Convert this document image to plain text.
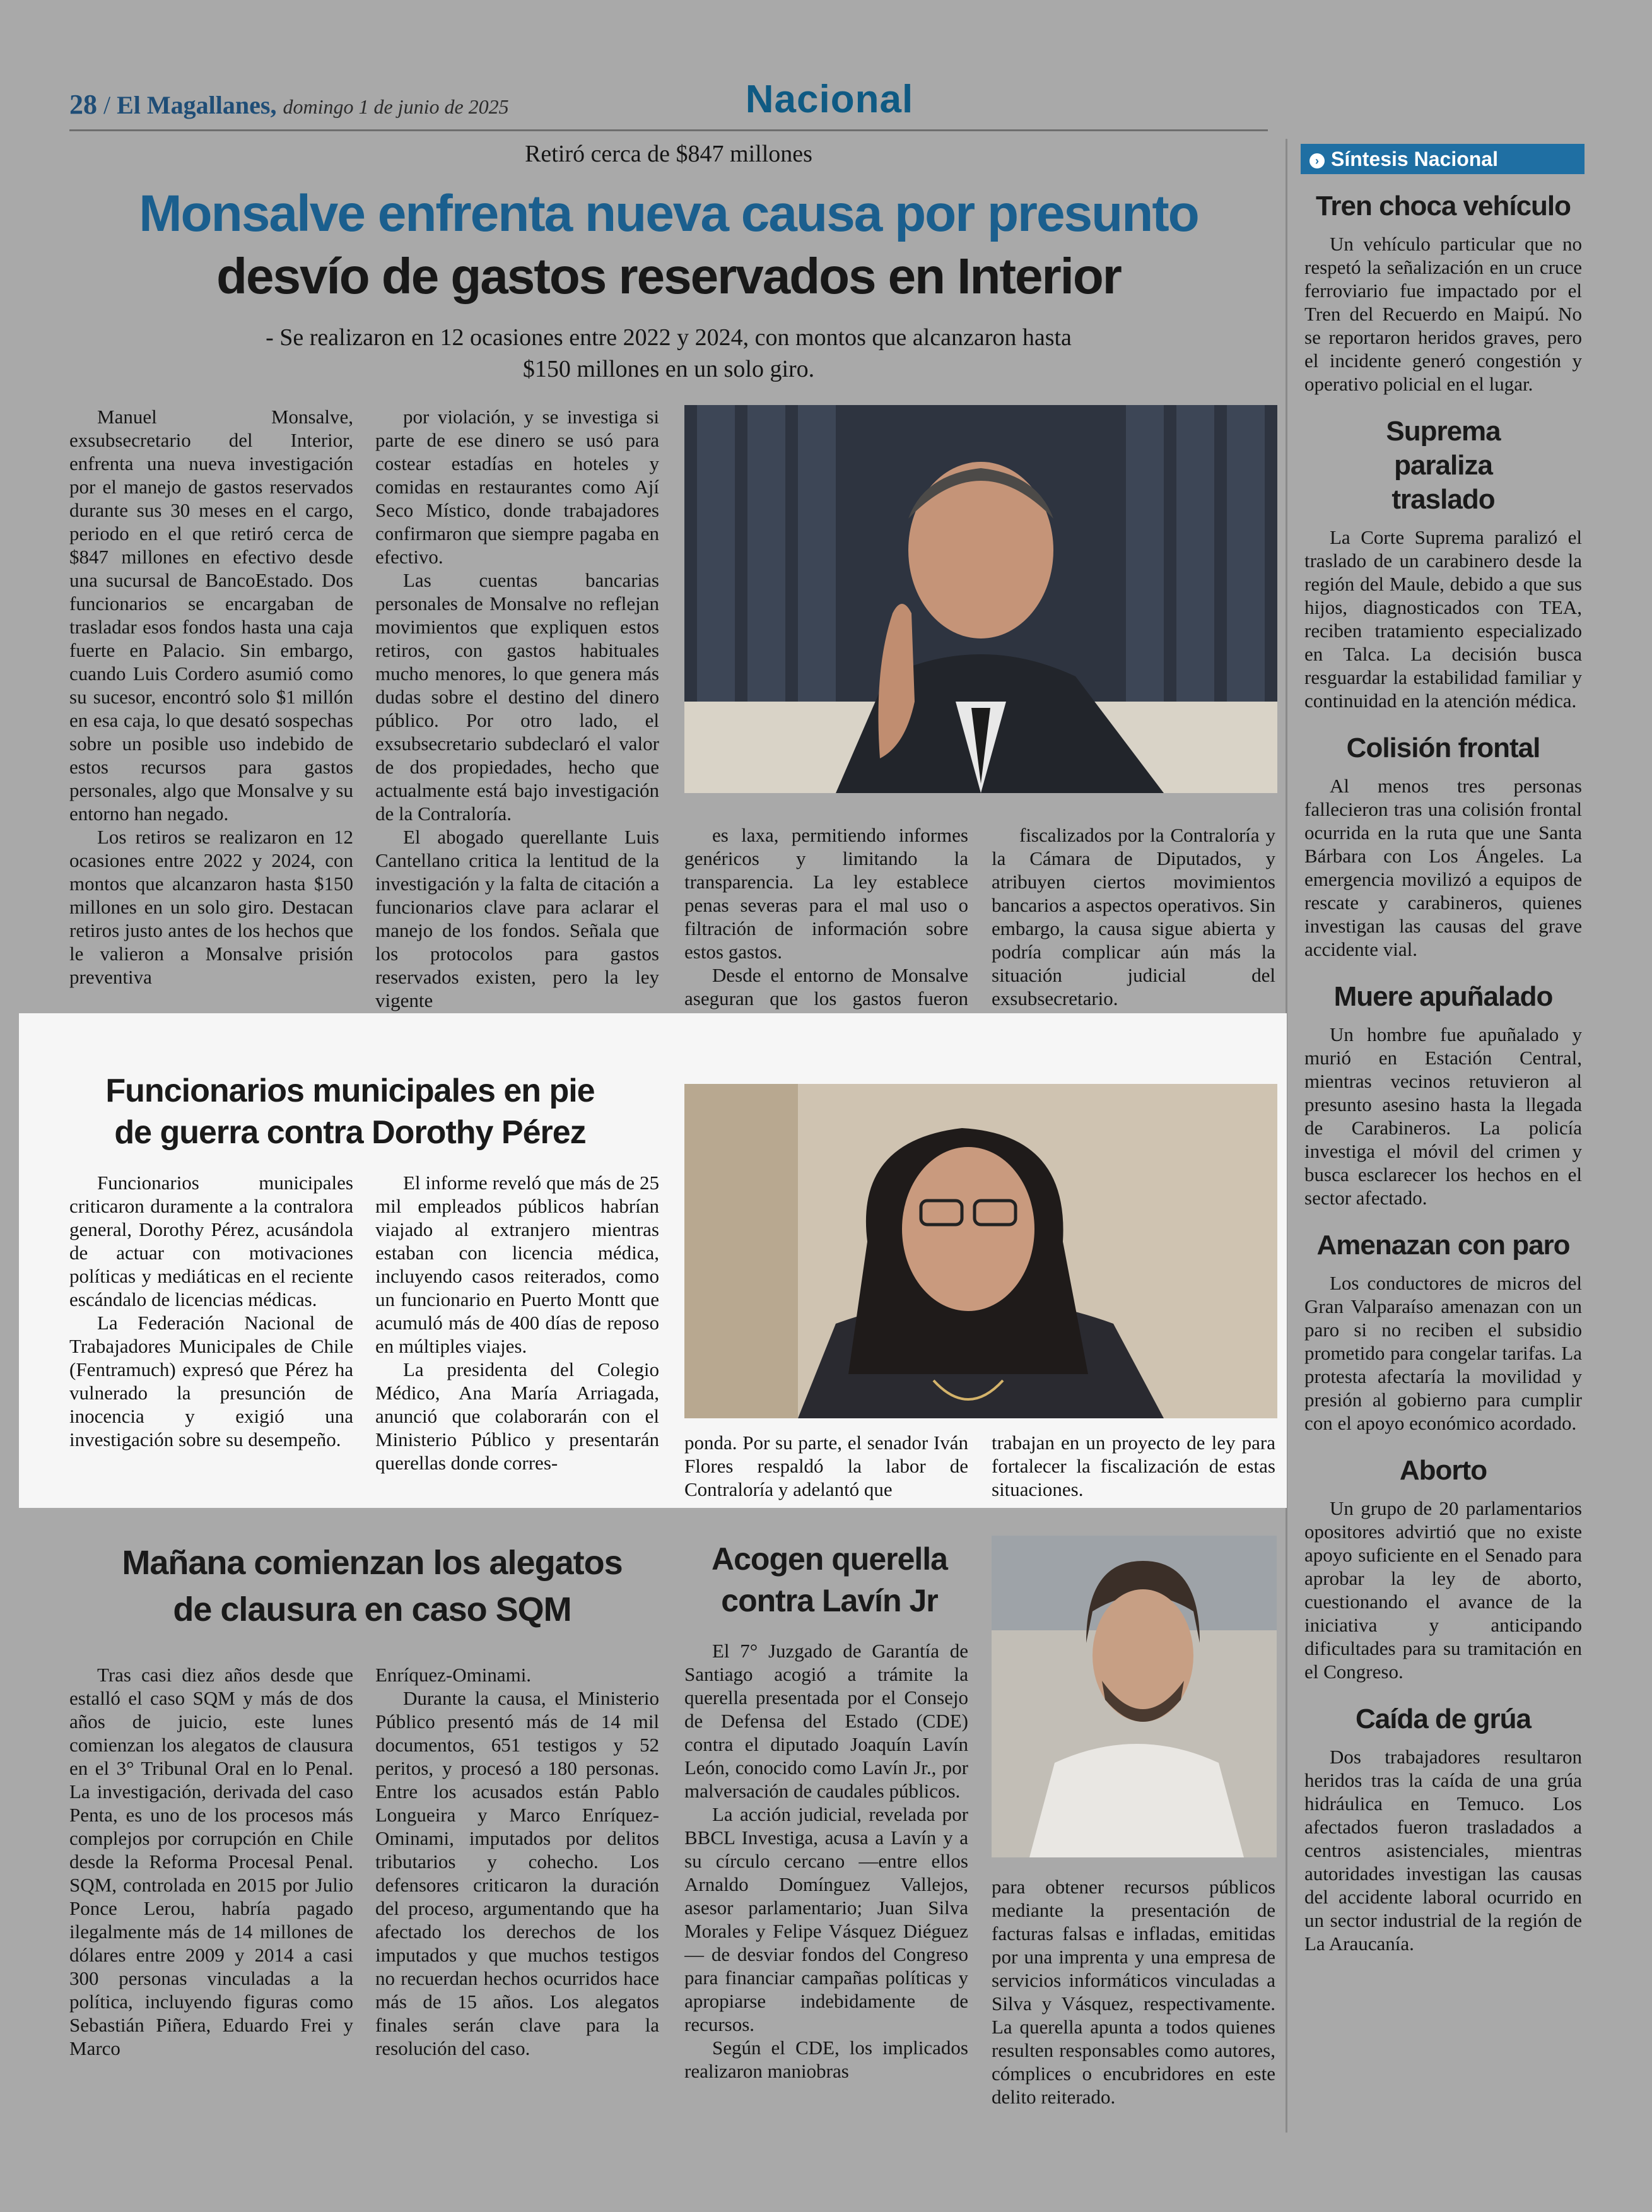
28 / El Magallanes, domingo 1 de junio de 2025	Nacional
Retiró cerca de $847 millones
Monsalve enfrenta nueva causa por presunto
desvío de gastos reservados en Interior
- Se realizaron en 12 ocasiones entre 2022 y 2024, con montos que alcanzaron hasta $150 millones en un solo giro.

Manuel Monsalve, exsubsecretario del Interior, enfrenta una nueva investigación por el manejo de gastos reservados durante sus 30 meses en el cargo, periodo en el que retiró cerca de $847 millones en efectivo desde una sucursal de BancoEstado. Dos funcionarios se encargaban de trasladar esos fondos hasta una caja fuerte en Palacio. Sin embargo, cuando Luis Cordero asumió como su sucesor, encontró solo $1 millón en esa caja, lo que desató sospechas sobre un posible uso indebido de estos recursos para gastos personales, algo que Monsalve y su entorno han negado.

Los retiros se realizaron en 12 ocasiones entre 2022 y 2024, con montos que alcanzaron hasta $150 millones en un solo giro. Destacan retiros justo antes de los hechos que le valieron a Monsalve prisión preventiva

por violación, y se investiga si parte de ese dinero se usó para costear estadías en hoteles y comidas en restaurantes como Ají Seco Místico, donde trabajadores confirmaron que siempre pagaba en efectivo.

Las cuentas bancarias personales de Monsalve no reflejan movimientos que expliquen estos retiros, con gastos habituales mucho menores, lo que genera más dudas sobre el destino del dinero público. Por otro lado, el exsubsecretario subdeclaró el valor de dos propiedades, hecho que actualmente está bajo investigación de la Contraloría.

El abogado querellante Luis Cantellano critica la lentitud de la investigación y la falta de citación a funcionarios clave para aclarar el manejo de los fondos. Señala que los protocolos para gastos reservados existen, pero la ley vigente

es laxa, permitiendo informes genéricos y limitando la transparencia. La ley establece penas severas para el mal uso o filtración de información sobre estos gastos.

Desde el entorno de Monsalve aseguran que los gastos fueron

fiscalizados por la Contraloría y la Cámara de Diputados, y atribuyen ciertos movimientos bancarios a aspectos operativos. Sin embargo, la causa sigue abierta y podría complicar aún más la situación judicial del exsubsecretario.

Funcionarios municipales en pie
de guerra contra Dorothy Pérez

Funcionarios municipales criticaron duramente a la contralora general, Dorothy Pérez, acusándola de actuar con motivaciones políticas y mediáticas en el reciente escándalo de licencias médicas.

La Federación Nacional de Trabajadores Municipales de Chile (Fentramuch) expresó que Pérez ha vulnerado la presunción de inocencia y exigió una investigación sobre su desempeño.

El informe reveló que más de 25 mil empleados públicos habrían viajado al extranjero mientras estaban con licencia médica, incluyendo casos reiterados, como un funcionario en Puerto Montt que acumuló más de 400 días de reposo en múltiples viajes.

La presidenta del Colegio Médico, Ana María Arriagada, anunció que colaborarán con el Ministerio Público y presentarán querellas donde corres-

ponda. Por su parte, el senador Iván Flores respaldó la labor de Contraloría y adelantó que

trabajan en un proyecto de ley para fortalecer la fiscalización de estas situaciones.

Mañana comienzan los alegatos
de clausura en caso SQM

Tras casi diez años desde que estalló el caso SQM y más de dos años de juicio, este lunes comienzan los alegatos de clausura en el 3° Tribunal Oral en lo Penal. La investigación, derivada del caso Penta, es uno de los procesos más complejos por corrupción en Chile desde la Reforma Procesal Penal. SQM, controlada en 2015 por Julio Ponce Lerou, habría pagado ilegalmente más de 14 millones de dólares entre 2009 y 2014 a casi 300 personas vinculadas a la política, incluyendo figuras como Sebastián Piñera, Eduardo Frei y Marco

Enríquez-Ominami.

Durante la causa, el Ministerio Público presentó más de 14 mil documentos, 651 testigos y 52 peritos, y procesó a 180 personas. Entre los acusados están Pablo Longueira y Marco Enríquez-Ominami, imputados por delitos tributarios y cohecho. Los defensores criticaron la duración del proceso, argumentando que ha afectado los derechos de los imputados y que muchos testigos no recuerdan hechos ocurridos hace más de 15 años. Los alegatos finales serán clave para la resolución del caso.

Acogen querella
contra Lavín Jr

El 7° Juzgado de Garantía de Santiago acogió a trámite la querella presentada por el Consejo de Defensa del Estado (CDE) contra el diputado Joaquín Lavín León, conocido como Lavín Jr., por malversación de caudales públicos.

La acción judicial, revelada por BBCL Investiga, acusa a Lavín y a su círculo cercano —entre ellos Arnaldo Domínguez Vallejos, asesor parlamentario; Juan Silva Morales y Felipe Vásquez Diéguez— de desviar fondos del Congreso para financiar campañas políticas y apropiarse indebidamente de recursos.

Según el CDE, los implicados realizaron maniobras

para obtener recursos públicos mediante la presentación de facturas falsas e infladas, emitidas por una imprenta y una empresa de servicios informáticos vinculadas a Silva y Vásquez, respectivamente. La querella apunta a todos quienes resulten responsables como autores, cómplices o encubridores en este delito reiterado.

› Síntesis Nacional
Tren choca vehículo
Un vehículo particular que no respetó la señalización en un cruce ferroviario fue impactado por el Tren del Recuerdo en Maipú. No se reportaron heridos graves, pero el incidente generó congestión y operativo policial en el lugar.
Suprema paraliza traslado
La Corte Suprema paralizó el traslado de un carabinero desde la región del Maule, debido a que sus hijos, diagnosticados con TEA, reciben tratamiento especializado en Talca. La decisión busca resguardar la estabilidad familiar y continuidad en la atención médica.
Colisión frontal
Al menos tres personas fallecieron tras una colisión frontal ocurrida en la ruta que une Santa Bárbara con Los Ángeles. La emergencia movilizó a equipos de rescate y carabineros, quienes investigan las causas del grave accidente vial.
Muere apuñalado
Un hombre fue apuñalado y murió en Estación Central, mientras vecinos retuvieron al presunto asesino hasta la llegada de Carabineros. La policía investiga el móvil del crimen y busca esclarecer los hechos en el sector afectado.
Amenazan con paro
Los conductores de micros del Gran Valparaíso amenazan con un paro si no reciben el subsidio prometido para congelar tarifas. La protesta afectaría la movilidad y presión al gobierno para cumplir con el apoyo económico acordado.
Aborto
Un grupo de 20 parlamentarios opositores advirtió que no existe apoyo suficiente en el Senado para aprobar la ley de aborto, cuestionando el avance de la iniciativa y anticipando dificultades para su tramitación en el Congreso.
Caída de grúa
Dos trabajadores resultaron heridos tras la caída de una grúa hidráulica en Temuco. Los afectados fueron trasladados a centros asistenciales, mientras autoridades investigan las causas del accidente laboral ocurrido en un sector industrial de la región de La Araucanía.
